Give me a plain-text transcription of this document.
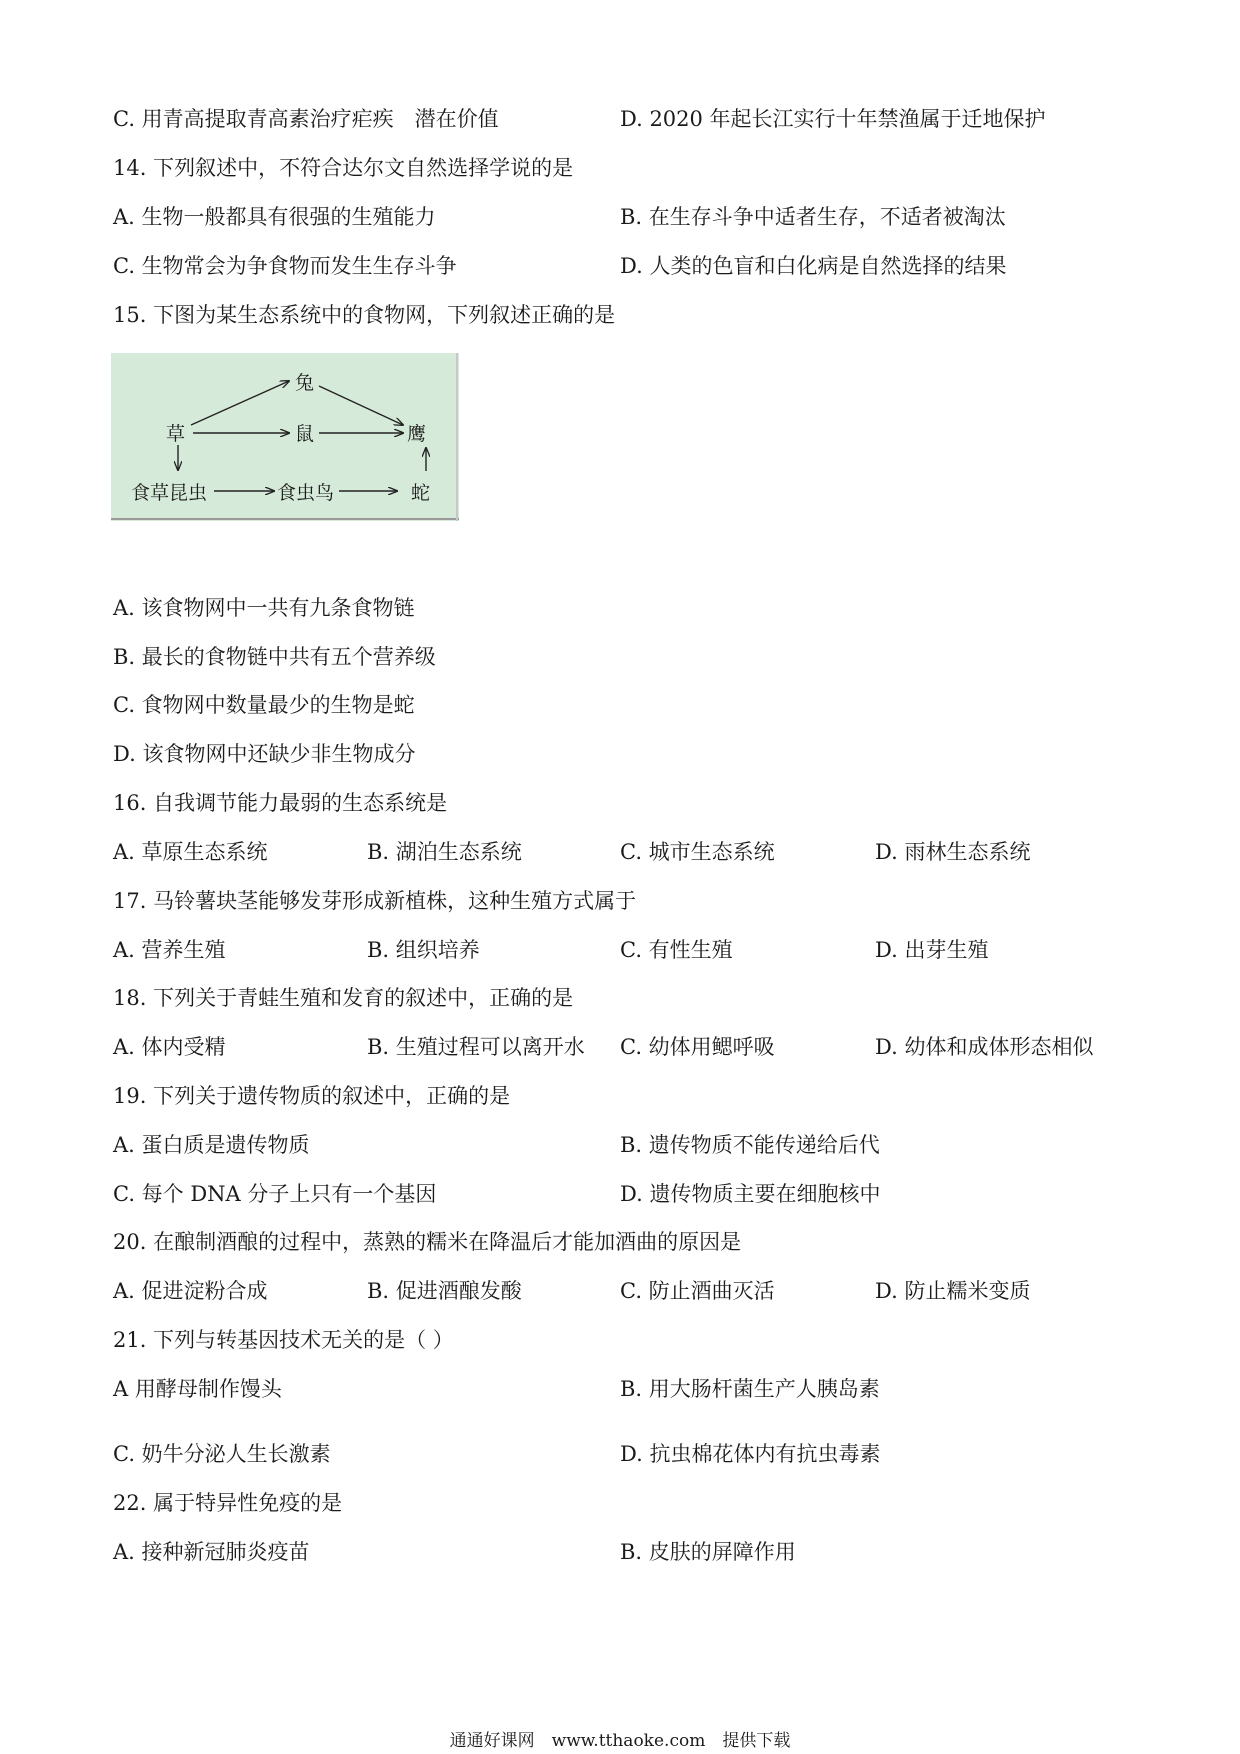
C. 用青高提取青高素治疗疟疾　潜在价值	D. 2020 年起长江实行十年禁渔属于迁地保护
14. 下列叙述中，不符合达尔文自然选择学说的是
A. 生物一般都具有很强的生殖能力	B. 在生存斗争中适者生存，不适者被淘汰
C. 生物常会为争食物而发生生存斗争	D. 人类的色盲和白化病是自然选择的结果
15. 下图为某生态系统中的食物网，下列叙述正确的是
草
兔
鼠	鹰
食草昆虫	食虫鸟	蛇
A. 该食物网中一共有九条食物链
B. 最长的食物链中共有五个营养级
C. 食物网中数量最少的生物是蛇
D. 该食物网中还缺少非生物成分
16. 自我调节能力最弱的生态系统是
A. 草原生态系统	B. 湖泊生态系统	C. 城市生态系统	D. 雨林生态系统
17. 马铃薯块茎能够发芽形成新植株，这种生殖方式属于
A. 营养生殖	B. 组织培养	C. 有性生殖	D. 出芽生殖
18. 下列关于青蛙生殖和发育的叙述中，正确的是
A. 体内受精	B. 生殖过程可以离开水 C. 幼体用鳃呼吸	D. 幼体和成体形态相似
19. 下列关于遗传物质的叙述中，正确的是
A. 蛋白质是遗传物质	B. 遗传物质不能传递给后代
C. 每个 DNA 分子上只有一个基因	D. 遗传物质主要在细胞核中
20. 在酿制酒酿的过程中，蒸熟的糯米在降温后才能加酒曲的原因是
A. 促进淀粉合成	B. 促进酒酿发酸	C. 防止酒曲灭活	D. 防止糯米变质
21. 下列与转基因技术无关的是（ ）
A 用酵母制作馒头	B. 用大肠杆菌生产人胰岛素
C. 奶牛分泌人生长激素	D. 抗虫棉花体内有抗虫毒素
22. 属于特异性免疫的是
A. 接种新冠肺炎疫苗	B. 皮肤的屏障作用
通通好课网　www.tthaoke.com　提供下载
